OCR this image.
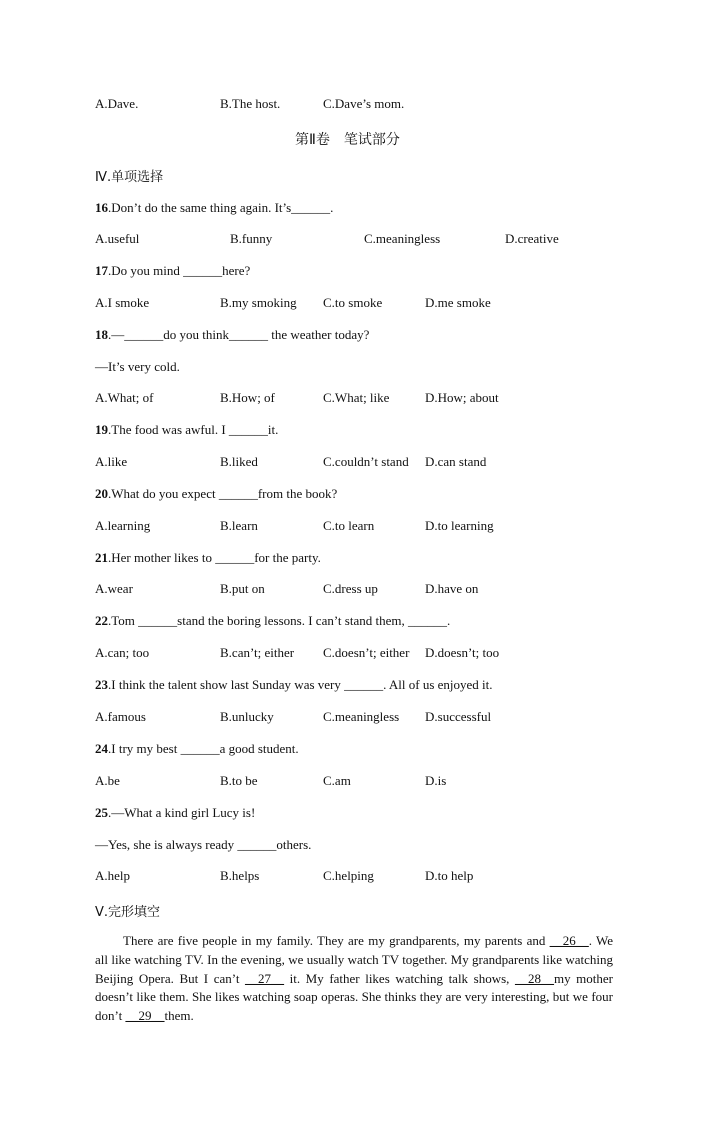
A.Dave.	B.The host.	C.Dave’s mom.
第Ⅱ卷　笔试部分
Ⅳ.单项选择
16.Don’t do the same thing again. It’s______.
A.useful	B.funny	C.meaningless	D.creative
17.Do you mind ______here?
A.I smoke	B.my smoking C.to smoke	D.me smoke
18.—______do you think______ the weather today?
—It’s very cold.
A.What; of	B.How; of	C.What; like	D.How; about
19.The food was awful. I ______it.
A.like	B.liked	C.couldn’t stand D.can stand
20.What do you expect ______from the book?
A.learning	B.learn	C.to learn	D.to learning
21.Her mother likes to ______for the party.
A.wear	B.put on	C.dress up	D.have on
22.Tom ______stand the boring lessons. I can’t stand them, ______.
A.can; too	B.can’t; either C.doesn’t; either D.doesn’t; too
23.I think the talent show last Sunday was very ______. All of us enjoyed it.
A.famous	B.unlucky	C.meaningless D.successful
24.I try my best ______a good student.
A.be	B.to be	C.am	D.is
25.—What a kind girl Lucy is!
—Yes, she is always ready ______others.
A.help	B.helps	C.helping	D.to help
Ⅴ.完形填空
There are five people in my family. They are my grandparents, my parents and __26__. We all like watching TV. In the evening, we usually watch TV together. My grandparents like watching Beijing Opera. But I can’t __27__ it. My father likes watching talk shows, __28__my mother doesn’t like them. She likes watching soap operas. She thinks they are very interesting, but we four don’t __29__them.
